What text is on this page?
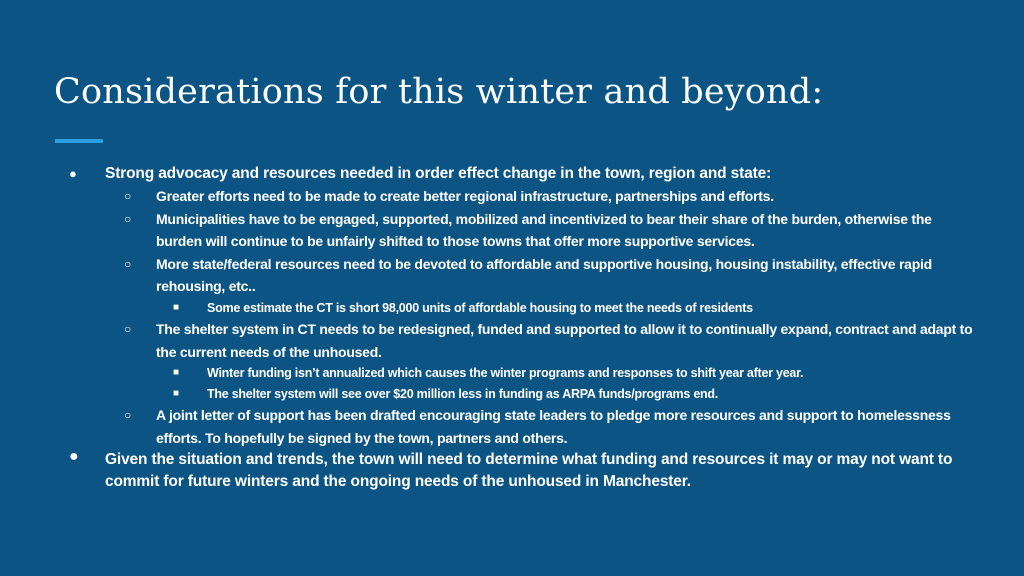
Considerations for this winter and beyond:
● Strong advocacy and resources needed in order effect change in the town, region and state:
○ Greater efforts need to be made to create better regional infrastructure, partnerships and efforts.
○ Municipalities have to be engaged, supported, mobilized and incentivized to bear their share of the burden, otherwise the burden will continue to be unfairly shifted to those towns that offer more supportive services.
○ More state/federal resources need to be devoted to affordable and supportive housing, housing instability, effective rapid rehousing, etc..
■ Some estimate the CT is short 98,000 units of affordable housing to meet the needs of residents
○ The shelter system in CT needs to be redesigned, funded and supported to allow it to continually expand, contract and adapt to the current needs of the unhoused.
■ Winter funding isn’t annualized which causes the winter programs and responses to shift year after year.
■ The shelter system will see over $20 million less in funding as ARPA funds/programs end.
○ A joint letter of support has been drafted encouraging state leaders to pledge more resources and support to homelessness efforts. To hopefully be signed by the town, partners and others.
● Given the situation and trends, the town will need to determine what funding and resources it may or may not want to commit for future winters and the ongoing needs of the unhoused in Manchester.
